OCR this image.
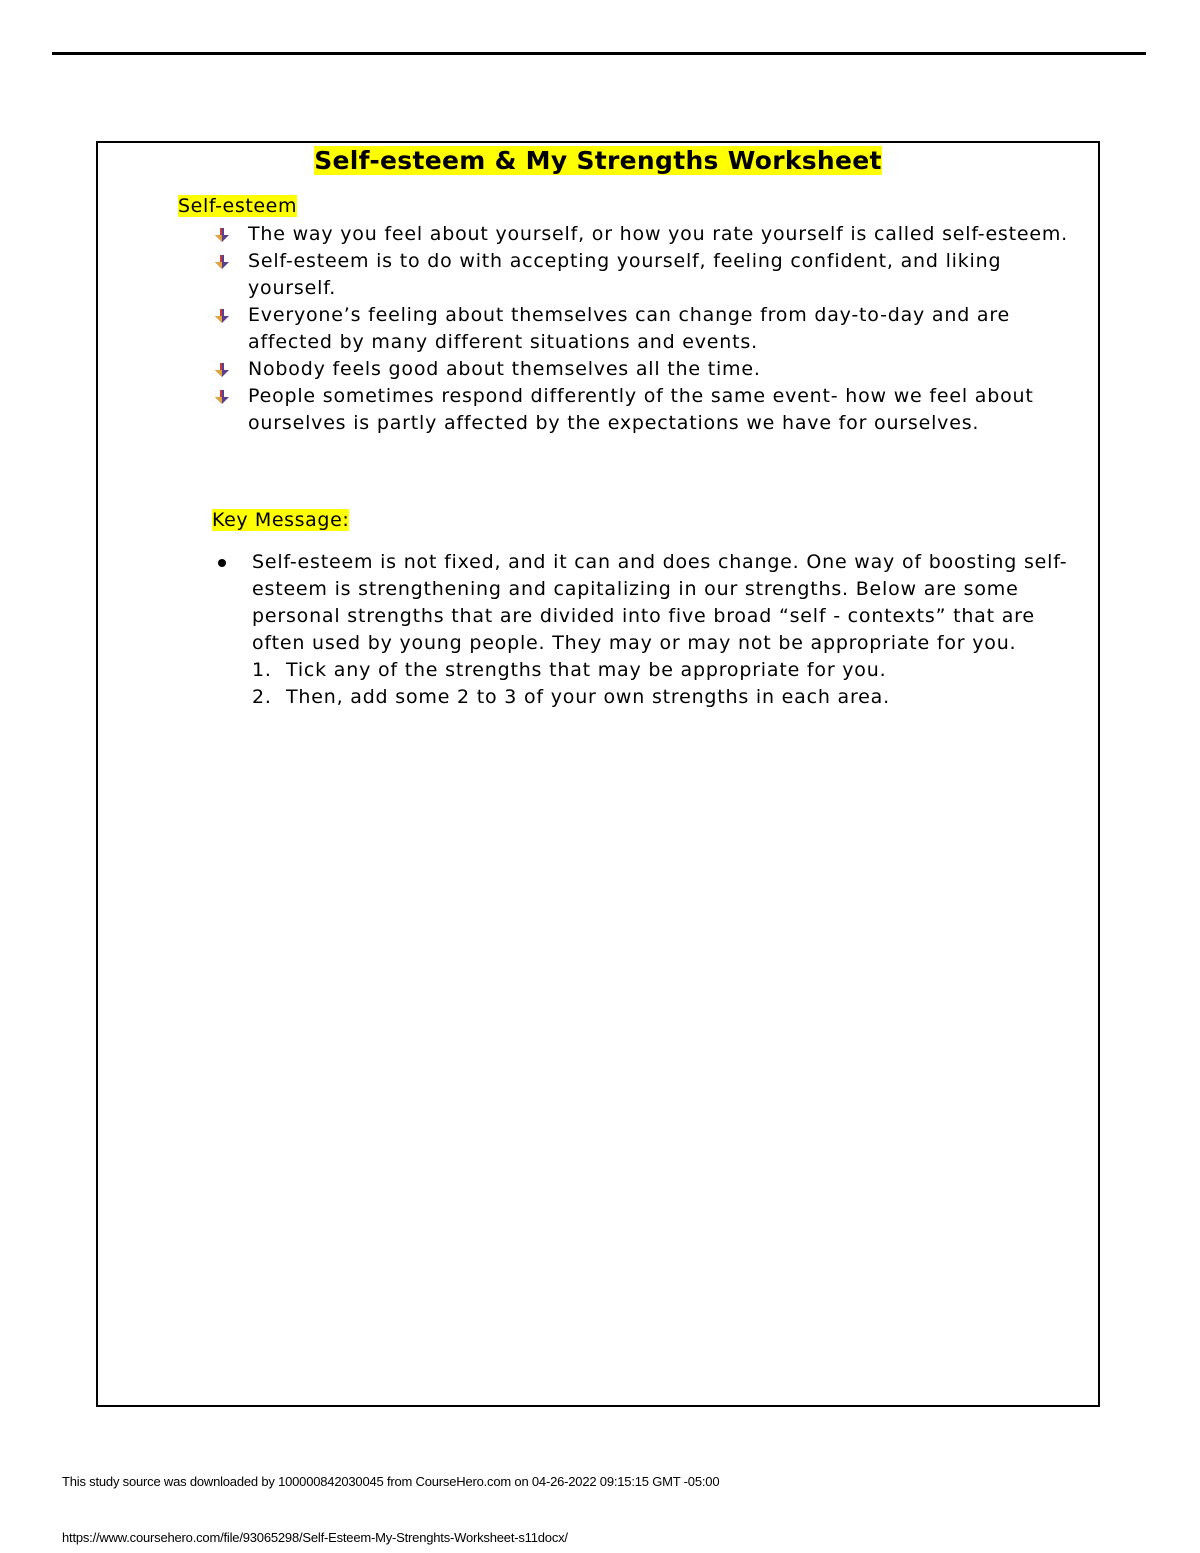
Self-esteem & My Strengths Worksheet
Self-esteem
The way you feel about yourself, or how you rate yourself is called self-esteem.
Self-esteem is to do with accepting yourself, feeling confident, and liking yourself.
Everyone’s feeling about themselves can change from day-to-day and are affected by many different situations and events.
Nobody feels good about themselves all the time.
People sometimes respond differently of the same event- how we feel about ourselves is partly affected by the expectations we have for ourselves.
Key Message:
Self-esteem is not fixed, and it can and does change. One way of boosting self-esteem is strengthening and capitalizing in our strengths. Below are some personal strengths that are divided into five broad “self - contexts” that are often used by young people. They may or may not be appropriate for you.
1. Tick any of the strengths that may be appropriate for you.
2. Then, add some 2 to 3 of your own strengths in each area.
This study source was downloaded by 100000842030045 from CourseHero.com on 04-26-2022 09:15:15 GMT -05:00
https://www.coursehero.com/file/93065298/Self-Esteem-My-Strenghts-Worksheet-s11docx/
